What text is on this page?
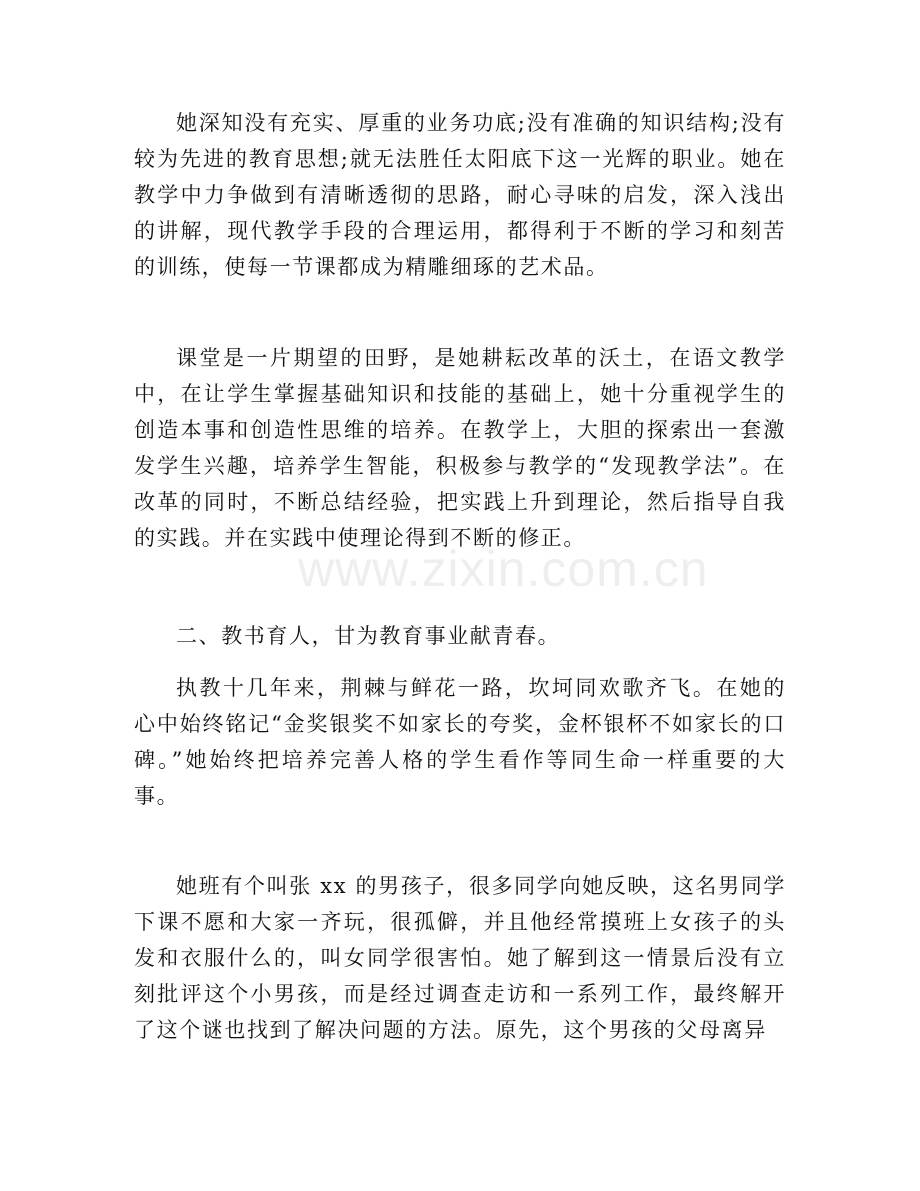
她深知没有充实、厚重的业务功底;没有准确的知识结构;没有较为先进的教育思想;就无法胜任太阳底下这一光辉的职业。她在教学中力争做到有清晰透彻的思路，耐心寻味的启发，深入浅出的讲解，现代教学手段的合理运用，都得利于不断的学习和刻苦的训练，使每一节课都成为精雕细琢的艺术品。

课堂是一片期望的田野，是她耕耘改革的沃土，在语文教学中，在让学生掌握基础知识和技能的基础上，她十分重视学生的创造本事和创造性思维的培养。在教学上，大胆的探索出一套激发学生兴趣，培养学生智能，积极参与教学的“发现教学法”。在改革的同时，不断总结经验，把实践上升到理论，然后指导自我的实践。并在实践中使理论得到不断的修正。

二、教书育人，甘为教育事业献青春。

执教十几年来，荆棘与鲜花一路，坎坷同欢歌齐飞。在她的心中始终铭记“金奖银奖不如家长的夸奖，金杯银杯不如家长的口碑。”她始终把培养完善人格的学生看作等同生命一样重要的大事。

她班有个叫张 xx 的男孩子，很多同学向她反映，这名男同学下课不愿和大家一齐玩，很孤僻，并且他经常摸班上女孩子的头发和衣服什么的，叫女同学很害怕。她了解到这一情景后没有立刻批评这个小男孩，而是经过调查走访和一系列工作，最终解开了这个谜也找到了解决问题的方法。原先，这个男孩的父母离异

www.zixin.com.cn
